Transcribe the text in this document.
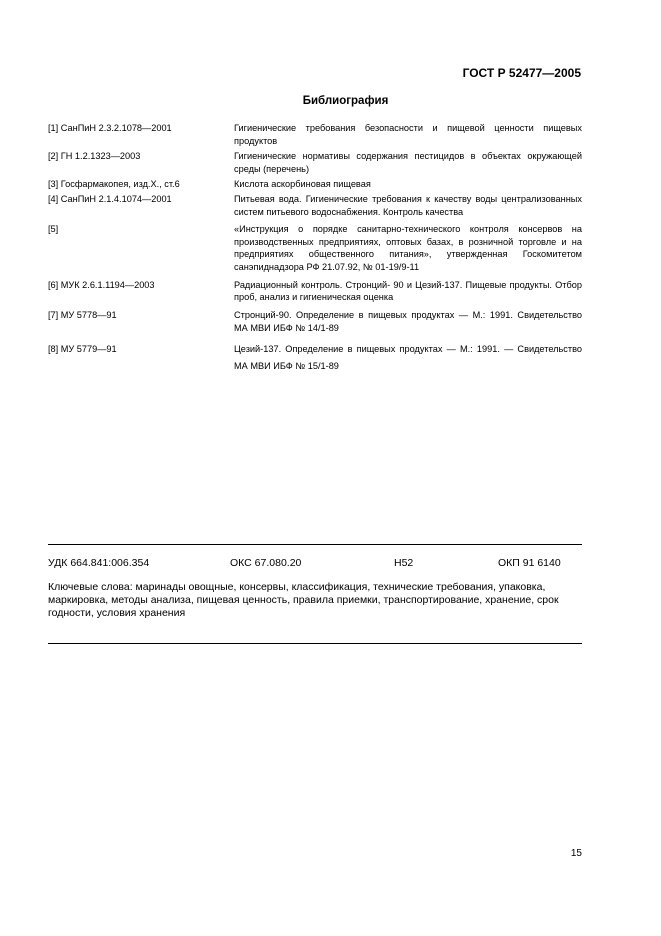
ГОСТ Р 52477—2005
Библиография
[1] СанПиН 2.3.2.1078—2001	Гигиенические требования безопасности и пищевой ценности пищевых продуктов
[2] ГН 1.2.1323—2003	Гигиенические нормативы содержания пестицидов в объектах окружающей среды (перечень)
[3] Госфармакопея, изд.Х., ст.6	Кислота аскорбиновая пищевая
[4] СанПиН 2.1.4.1074—2001	Питьевая вода. Гигиенические требования к качеству воды централизованных систем питьевого водоснабжения. Контроль качества
[5]	«Инструкция о порядке санитарно-технического контроля консервов на производственных предприятиях, оптовых базах, в розничной торговле и на предприятиях общественного питания», утвержденная Госкомитетом санэпиднадзора РФ 21.07.92, № 01-19/9-11
[6] МУК 2.6.1.1194—2003	Радиационный контроль. Стронций- 90 и Цезий-137. Пищевые продукты. Отбор проб, анализ и гигиеническая оценка
[7] МУ 5778—91	Стронций-90. Определение в пищевых продуктах — М.: 1991. Свидетельство МА МВИ ИБФ № 14/1-89
[8] МУ 5779—91	Цезий-137. Определение в пищевых продуктах — М.: 1991. — Свидетельство МА МВИ ИБФ № 15/1-89
УДК 664.841:006.354	ОКС 67.080.20	Н52	ОКП 91 6140
Ключевые слова: маринады овощные, консервы, классификация, технические требования, упаковка, маркировка, методы анализа, пищевая ценность, правила приемки, транспортирование, хранение, срок годности, условия хранения
15
